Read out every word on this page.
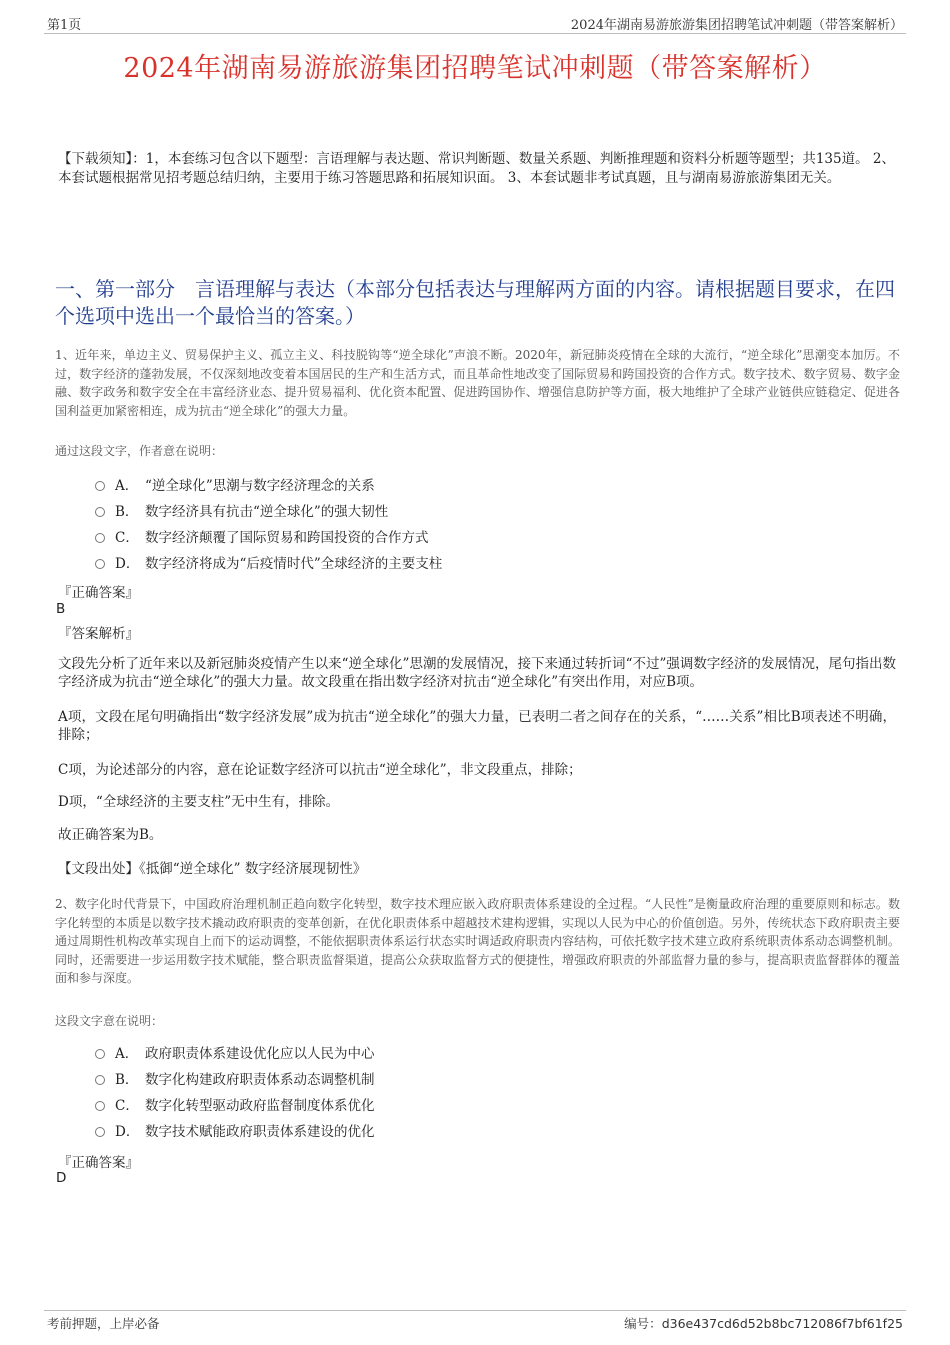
第1页	2024年湖南易游旅游集团招聘笔试冲刺题（带答案解析）
2024年湖南易游旅游集团招聘笔试冲刺题（带答案解析）
【下载须知】：1，本套练习包含以下题型：言语理解与表达题、常识判断题、数量关系题、判断推理题和资料分析题等题型；共135道。 2、本套试题根据常见招考题总结归纳，主要用于练习答题思路和拓展知识面。 3、本套试题非考试真题，且与湖南易游旅游集团无关。
一、第一部分　言语理解与表达（本部分包括表达与理解两方面的内容。请根据题目要求，在四个选项中选出一个最恰当的答案。）
1、近年来，单边主义、贸易保护主义、孤立主义、科技脱钩等“逆全球化”声浪不断。2020年，新冠肺炎疫情在全球的大流行，“逆全球化”思潮变本加厉。不过，数字经济的蓬勃发展，不仅深刻地改变着本国居民的生产和生活方式，而且革命性地改变了国际贸易和跨国投资的合作方式。数字技术、数字贸易、数字金融、数字政务和数字安全在丰富经济业态、提升贸易福利、优化资本配置、促进跨国协作、增强信息防护等方面，极大地维护了全球产业链供应链稳定、促进各国利益更加紧密相连，成为抗击“逆全球化”的强大力量。
通过这段文字，作者意在说明：
A． “逆全球化”思潮与数字经济理念的关系
B． 数字经济具有抗击“逆全球化”的强大韧性
C． 数字经济颠覆了国际贸易和跨国投资的合作方式
D． 数字经济将成为“后疫情时代”全球经济的主要支柱
『正确答案』
B
『答案解析』
文段先分析了近年来以及新冠肺炎疫情产生以来“逆全球化”思潮的发展情况，接下来通过转折词“不过”强调数字经济的发展情况，尾句指出数字经济成为抗击“逆全球化”的强大力量。故文段重在指出数字经济对抗击“逆全球化”有突出作用，对应B项。
A项，文段在尾句明确指出“数字经济发展”成为抗击“逆全球化”的强大力量，已表明二者之间存在的关系，“……关系”相比B项表述不明确，排除；
C项，为论述部分的内容，意在论证数字经济可以抗击“逆全球化”，非文段重点，排除；
D项，“全球经济的主要支柱”无中生有，排除。
故正确答案为B。
【文段出处】《抵御“逆全球化” 数字经济展现韧性》
2、数字化时代背景下，中国政府治理机制正趋向数字化转型，数字技术理应嵌入政府职责体系建设的全过程。“人民性”是衡量政府治理的重要原则和标志。数字化转型的本质是以数字技术撬动政府职责的变革创新，在优化职责体系中超越技术建构逻辑，实现以人民为中心的价值创造。另外，传统状态下政府职责主要通过周期性机构改革实现自上而下的运动调整，不能依据职责体系运行状态实时调适政府职责内容结构，可依托数字技术建立政府系统职责体系动态调整机制。同时，还需要进一步运用数字技术赋能，整合职责监督渠道，提高公众获取监督方式的便捷性，增强政府职责的外部监督力量的参与，提高职责监督群体的覆盖面和参与深度。
这段文字意在说明：
A． 政府职责体系建设优化应以人民为中心
B． 数字化构建政府职责体系动态调整机制
C． 数字化转型驱动政府监督制度体系优化
D． 数字技术赋能政府职责体系建设的优化
『正确答案』
D
考前押题，上岸必备	编号：d36e437cd6d52b8bc712086f7bf61f25
